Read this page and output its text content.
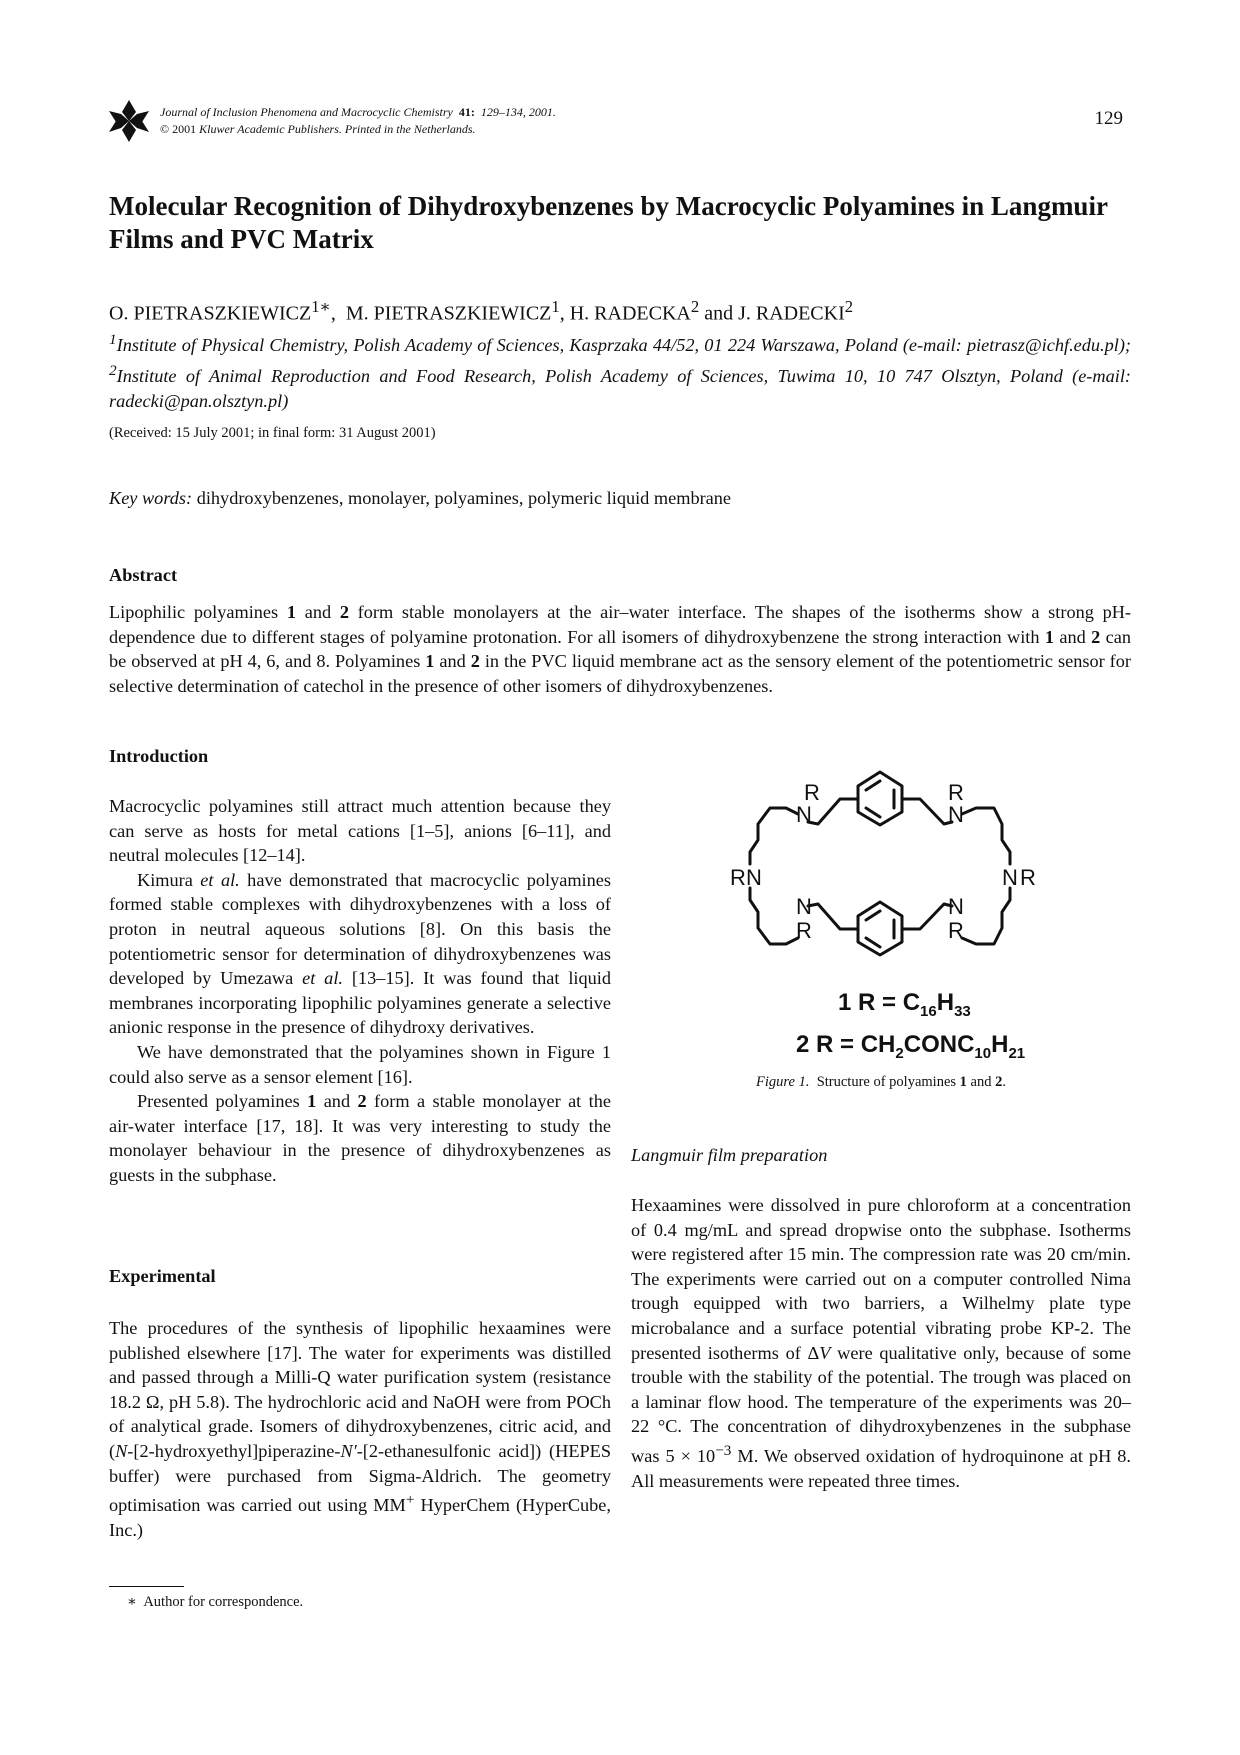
Journal of Inclusion Phenomena and Macrocyclic Chemistry 41: 129–134, 2001.
© 2001 Kluwer Academic Publishers. Printed in the Netherlands.	129
Molecular Recognition of Dihydroxybenzenes by Macrocyclic Polyamines in Langmuir Films and PVC Matrix
O. $PIETRASZKIEWICZ^{1∗}$,  M. PIETRASZKIEWICZ$^1$, H. RADECKA$^2$ and J. RADECKI$^2$
$^1$Institute of Physical Chemistry, Polish Academy of Sciences, Kasprzaka 44/52, 01 224 Warszawa, Poland (e-mail: pietrasz@ichf.edu.pl); $^2$Institute of Animal Reproduction and Food Research, Polish Academy of Sciences, Tuwima 10, 10 747 Olsztyn, Poland (e-mail: radecki@pan.olsztyn.pl)
(Received: 15 July 2001; in final form: 31 August 2001)
Key words: dihydroxybenzenes, monolayer, polyamines, polymeric liquid membrane
Abstract
Lipophilic polyamines 1 and 2 form stable monolayers at the air–water interface. The shapes of the isotherms show a strong pH-dependence due to different stages of polyamine protonation. For all isomers of dihydroxybenzene the strong interaction with 1 and 2 can be observed at pH 4, 6, and 8. Polyamines 1 and 2 in the PVC liquid membrane act as the sensory element of the potentiometric sensor for selective determination of catechol in the presence of other isomers of dihydroxybenzenes.
Introduction

Macrocyclic polyamines still attract much attention because they can serve as hosts for metal cations [1–5], anions [6–11], and neutral molecules [12–14].

Kimura et al. have demonstrated that macrocyclic polyamines formed stable complexes with dihydroxybenzenes with a loss of proton in neutral aqueous solutions [8]. On this basis the potentiometric sensor for determination of dihydroxybenzenes was developed by Umezawa et al. [13–15]. It was found that liquid membranes incorporating lipophilic polyamines generate a selective anionic response in the presence of dihydroxy derivatives.

We have demonstrated that the polyamines shown in Figure 1 could also serve as a sensor element [16].

Presented polyamines 1 and 2 form a stable monolayer at the air-water interface [17, 18]. It was very interesting to study the monolayer behaviour in the presence of dihydroxybenzenes as guests in the subphase.

Experimental

The procedures of the synthesis of lipophilic hexaamines were published elsewhere [17]. The water for experiments was distilled and passed through a Milli-Q water purification system (resistance 18.2 Ω, pH 5.8). The hydrochloric acid and NaOH were from POCh of analytical grade. Isomers of dihydroxybenzenes, citric acid, and (N-[2-hydroxyethyl]piperazine-N′-[2-ethanesulfonic acid]) (HEPES buffer) were purchased from Sigma-Aldrich. The geometry optimisation was carried out using MM+ HyperChem (HyperCube, Inc.)

R
N
R
N
R N	N R
N
R
N
R
1 $R = C_{16}H_{33}$
2 $R = CH_2CONC_{10}H_{21}$
Figure 1. Structure of polyamines 1 and 2.
Langmuir film preparation

Hexaamines were dissolved in pure chloroform at a concentration of 0.4 mg/mL and spread dropwise onto the subphase. Isotherms were registered after 15 min. The compression rate was 20 cm/min. The experiments were carried out on a computer controlled Nima trough equipped with two barriers, a Wilhelmy plate type microbalance and a surface potential vibrating probe KP-2. The presented isotherms of ΔV were qualitative only, because of some trouble with the stability of the potential. The trough was placed on a laminar flow hood. The temperature of the experiments was 20–22 °C. The concentration of dihydroxybenzenes in the subphase was $5 \times 10^{-3}$ M. We observed oxidation of hydroquinone at pH 8. All measurements were repeated three times.

∗ Author for correspondence.
